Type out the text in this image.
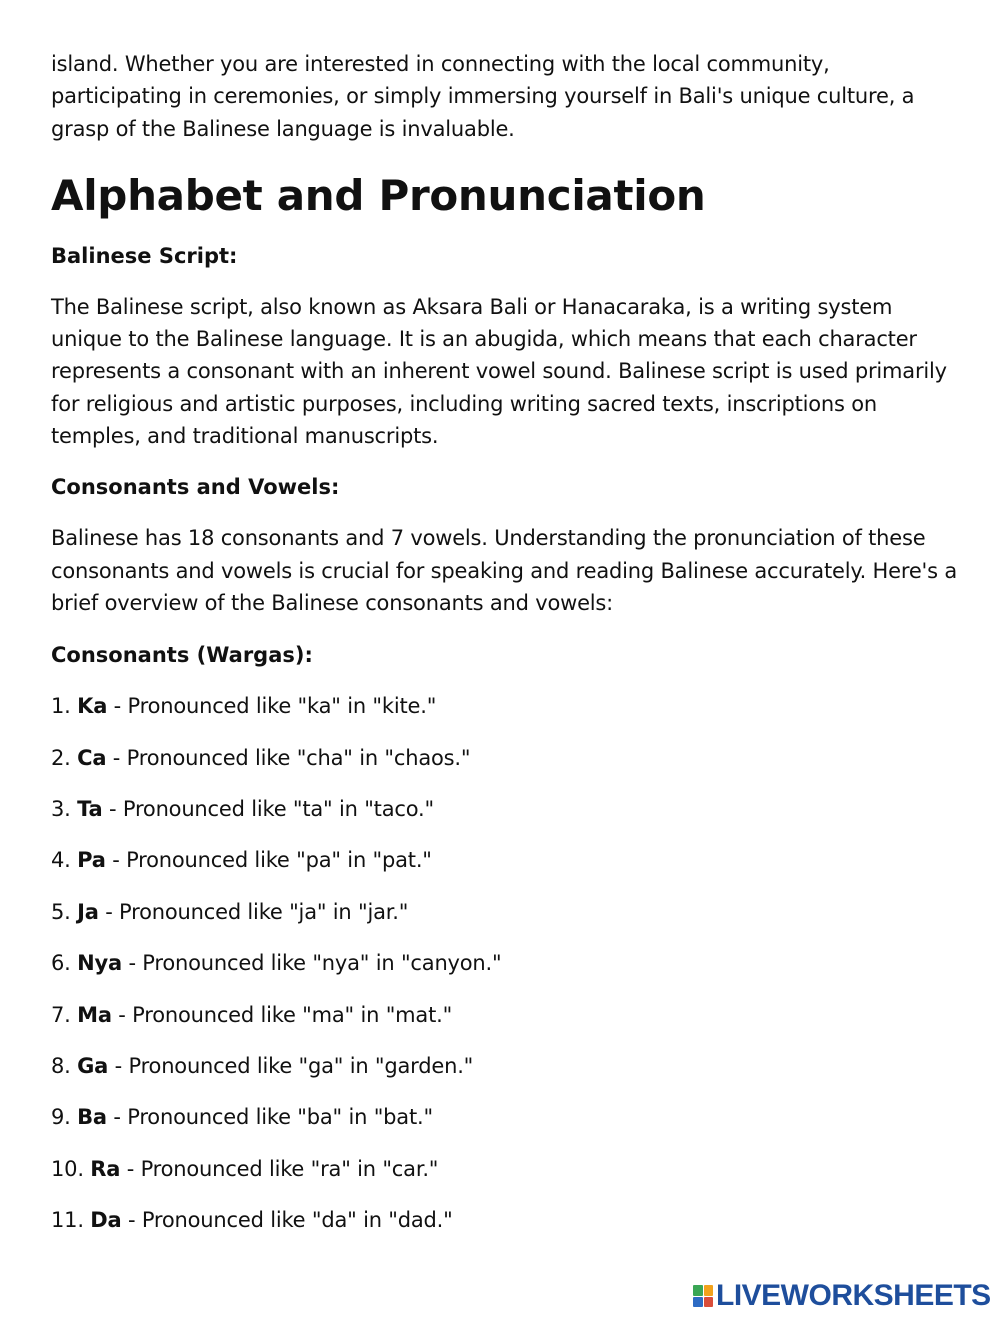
island. Whether you are interested in connecting with the local community, participating in ceremonies, or simply immersing yourself in Bali's unique culture, a grasp of the Balinese language is invaluable.

Alphabet and Pronunciation

Balinese Script:

The Balinese script, also known as Aksara Bali or Hanacaraka, is a writing system unique to the Balinese language. It is an abugida, which means that each character represents a consonant with an inherent vowel sound. Balinese script is used primarily for religious and artistic purposes, including writing sacred texts, inscriptions on temples, and traditional manuscripts.

Consonants and Vowels:

Balinese has 18 consonants and 7 vowels. Understanding the pronunciation of these consonants and vowels is crucial for speaking and reading Balinese accurately. Here's a brief overview of the Balinese consonants and vowels:

Consonants (Wargas):

1. Ka - Pronounced like "ka" in "kite."
2. Ca - Pronounced like "cha" in "chaos."
3. Ta - Pronounced like "ta" in "taco."
4. Pa - Pronounced like "pa" in "pat."
5. Ja - Pronounced like "ja" in "jar."
6. Nya - Pronounced like "nya" in "canyon."
7. Ma - Pronounced like "ma" in "mat."
8. Ga - Pronounced like "ga" in "garden."
9. Ba - Pronounced like "ba" in "bat."
10. Ra - Pronounced like "ra" in "car."
11. Da - Pronounced like "da" in "dad."
LIVEWORKSHEETS
